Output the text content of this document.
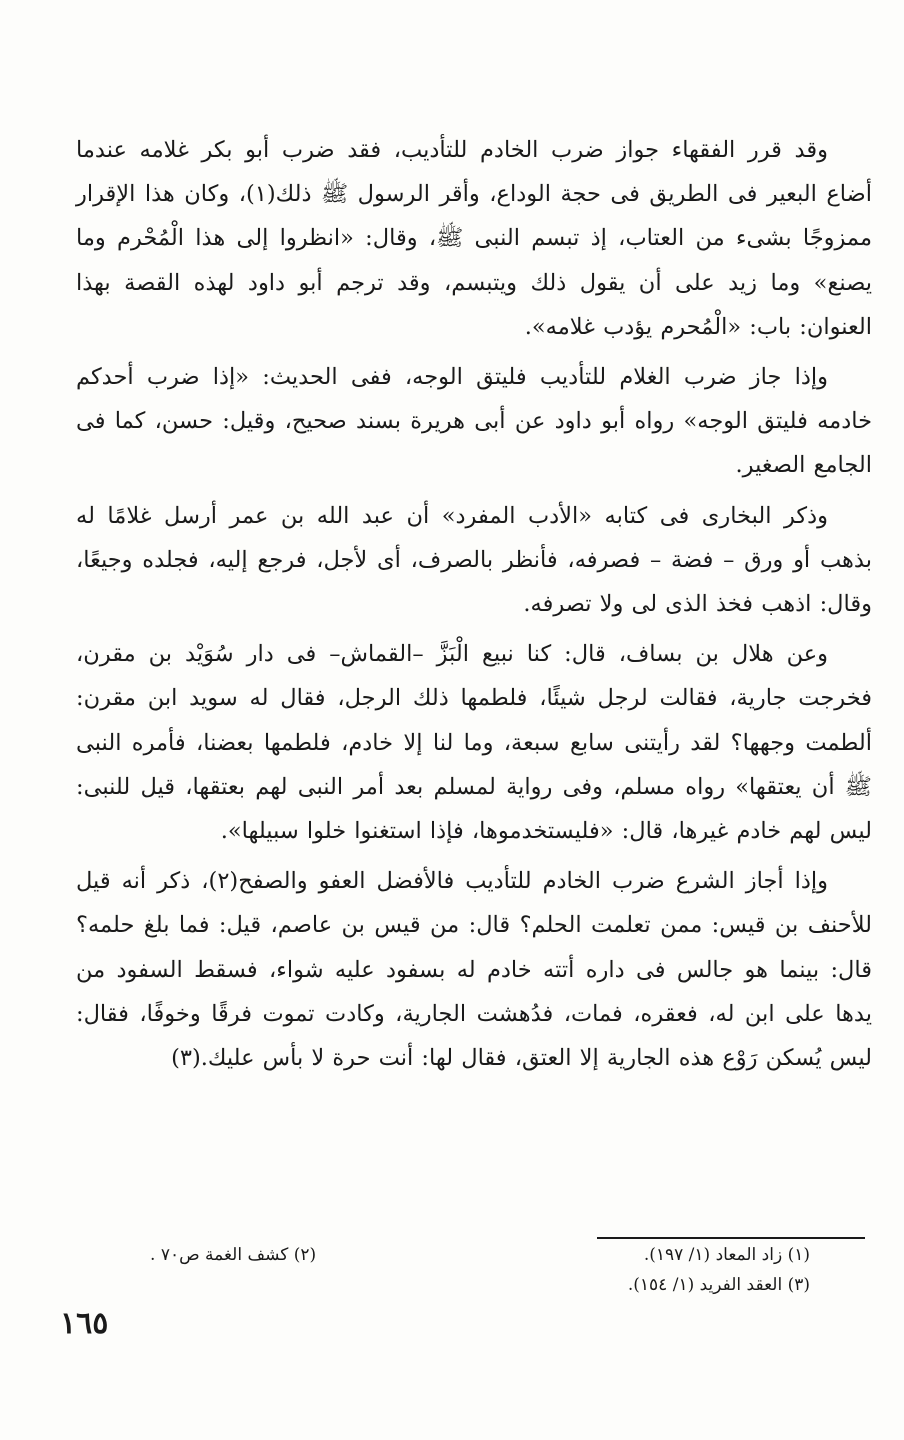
وقد قرر الفقهاء جواز ضرب الخادم للتأديب، فقد ضرب أبو بكر غلامه عندما أضاع البعير فى الطريق فى حجة الوداع، وأقر الرسول ﷺ ذلك(١)، وكان هذا الإقرار ممزوجًا بشىء من العتاب، إذ تبسم النبى ﷺ، وقال: «انظروا إلى هذا الْمُحْرم وما يصنع» وما زيد على أن يقول ذلك ويتبسم، وقد ترجم أبو داود لهذه القصة بهذا العنوان: باب: «الْمُحرم يؤدب غلامه».

وإذا جاز ضرب الغلام للتأديب فليتق الوجه، ففى الحديث: «إذا ضرب أحدكم خادمه فليتق الوجه» رواه أبو داود عن أبى هريرة بسند صحيح، وقيل: حسن، كما فى الجامع الصغير.

وذكر البخارى فى كتابه «الأدب المفرد» أن عبد الله بن عمر أرسل غلامًا له بذهب أو ورق – فضة – فصرفه، فأنظر بالصرف، أى لأجل، فرجع إليه، فجلده وجيعًا، وقال: اذهب فخذ الذى لى ولا تصرفه.

وعن هلال بن بساف، قال: كنا نبيع الْبَزَّ –القماش– فى دار سُوَيْد بن مقرن، فخرجت جارية، فقالت لرجل شيئًا، فلطمها ذلك الرجل، فقال له سويد ابن مقرن: ألطمت وجهها؟ لقد رأيتنى سابع سبعة، وما لنا إلا خادم، فلطمها بعضنا، فأمره النبى ﷺ أن يعتقها» رواه مسلم، وفى رواية لمسلم بعد أمر النبى لهم بعتقها، قيل للنبى: ليس لهم خادم غيرها، قال: «فليستخدموها، فإذا استغنوا خلوا سبيلها».

وإذا أجاز الشرع ضرب الخادم للتأديب فالأفضل العفو والصفح(٢)، ذكر أنه قيل للأحنف بن قيس: ممن تعلمت الحلم؟ قال: من قيس بن عاصم، قيل: فما بلغ حلمه؟ قال: بينما هو جالس فى داره أتته خادم له بسفود عليه شواء، فسقط السفود من يدها على ابن له، فعقره، فمات، فدُهشت الجارية، وكادت تموت فرقًا وخوفًا، فقال: ليس يُسكن رَوْع هذه الجارية إلا العتق، فقال لها: أنت حرة لا بأس عليك.(٣)

(١) زاد المعاد (١/ ١٩٧).
(٢) كشف الغمة ص٧٠ .
(٣) العقد الفريد (١/ ١٥٤).
١٦٥
